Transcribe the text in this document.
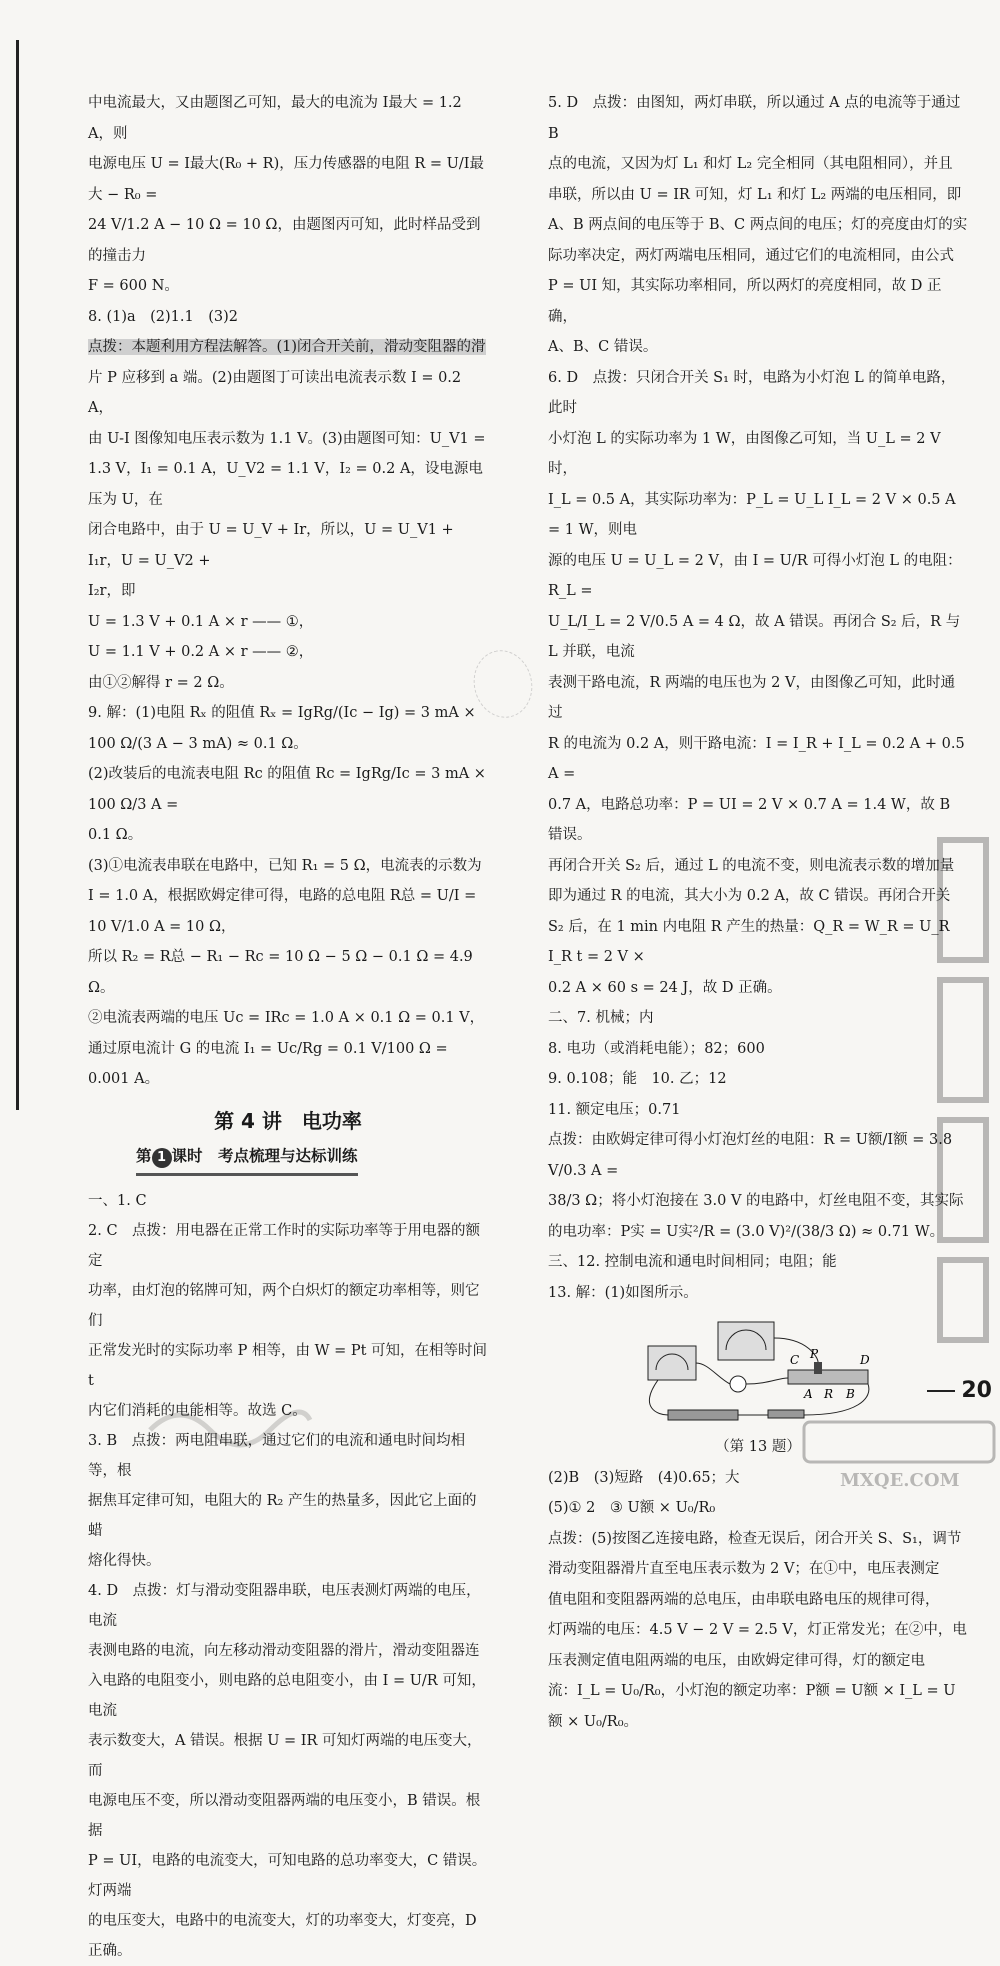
中电流最大，又由题图乙可知，最大的电流为 I最大 = 1.2 A，则

电源电压 U = I最大(R₀ + R)，压力传感器的电阻 R = U/I最大 − R₀ =

24 V/1.2 A − 10 Ω = 10 Ω，由题图丙可知，此时样品受到的撞击力

F = 600 N。

8. (1)a　(2)1.1　(3)2

点拨：本题利用方程法解答。(1)闭合开关前，滑动变阻器的滑

片 P 应移到 a 端。(2)由题图丁可读出电流表示数 I = 0.2 A，

由 U-I 图像知电压表示数为 1.1 V。(3)由题图可知：U_V1 =

1.3 V，I₁ = 0.1 A，U_V2 = 1.1 V，I₂ = 0.2 A，设电源电压为 U，在

闭合电路中，由于 U = U_V + Ir，所以，U = U_V1 + I₁r，U = U_V2 +

I₂r，即

U = 1.3 V + 0.1 A × r —— ①，

U = 1.1 V + 0.2 A × r —— ②，

由①②解得 r = 2 Ω。

9. 解：(1)电阻 Rₓ 的阻值 Rₓ = IgRg/(Ic − Ig) = 3 mA × 100 Ω/(3 A − 3 mA) ≈ 0.1 Ω。

(2)改装后的电流表电阻 Rc 的阻值 Rc = IgRg/Ic = 3 mA × 100 Ω/3 A =

0.1 Ω。

(3)①电流表串联在电路中，已知 R₁ = 5 Ω，电流表的示数为

I = 1.0 A，根据欧姆定律可得，电路的总电阻 R总 = U/I =

10 V/1.0 A = 10 Ω，

所以 R₂ = R总 − R₁ − Rc = 10 Ω − 5 Ω − 0.1 Ω = 4.9 Ω。

②电流表两端的电压 Uc = IRc = 1.0 A × 0.1 Ω = 0.1 V，

通过原电流计 G 的电流 I₁ = Uc/Rg = 0.1 V/100 Ω = 0.001 A。

第 4 讲　电功率
第 1 课时　考点梳理与达标训练

一、1. C

2. C　点拨：用电器在正常工作时的实际功率等于用电器的额定

功率，由灯泡的铭牌可知，两个白炽灯的额定功率相等，则它们

正常发光时的实际功率 P 相等，由 W = Pt 可知，在相等时间 t

内它们消耗的电能相等。故选 C。

3. B　点拨：两电阻串联，通过它们的电流和通电时间均相等，根

据焦耳定律可知，电阻大的 R₂ 产生的热量多，因此它上面的蜡

熔化得快。

4. D　点拨：灯与滑动变阻器串联，电压表测灯两端的电压，电流

表测电路的电流，向左移动滑动变阻器的滑片，滑动变阻器连

入电路的电阻变小，则电路的总电阻变小，由 I = U/R 可知，电流

表示数变大，A 错误。根据 U = IR 可知灯两端的电压变大，而

电源电压不变，所以滑动变阻器两端的电压变小，B 错误。根据

P = UI，电路的电流变大，可知电路的总功率变大，C 错误。灯两端

的电压变大，电路中的电流变大，灯的功率变大，灯变亮，D 正确。

5. D　点拨：由图知，两灯串联，所以通过 A 点的电流等于通过 B

点的电流，又因为灯 L₁ 和灯 L₂ 完全相同（其电阻相同），并且

串联，所以由 U = IR 可知，灯 L₁ 和灯 L₂ 两端的电压相同，即

A、B 两点间的电压等于 B、C 两点间的电压；灯的亮度由灯的实

际功率决定，两灯两端电压相同，通过它们的电流相同，由公式

P = UI 知，其实际功率相同，所以两灯的亮度相同，故 D 正确，

A、B、C 错误。

6. D　点拨：只闭合开关 S₁ 时，电路为小灯泡 L 的简单电路，此时

小灯泡 L 的实际功率为 1 W，由图像乙可知，当 U_L = 2 V 时，

I_L = 0.5 A，其实际功率为：P_L = U_L I_L = 2 V × 0.5 A = 1 W，则电

源的电压 U = U_L = 2 V，由 I = U/R 可得小灯泡 L 的电阻：R_L =

U_L/I_L = 2 V/0.5 A = 4 Ω，故 A 错误。再闭合 S₂ 后，R 与 L 并联，电流

表测干路电流，R 两端的电压也为 2 V，由图像乙可知，此时通过

R 的电流为 0.2 A，则干路电流：I = I_R + I_L = 0.2 A + 0.5 A =

0.7 A，电路总功率：P = UI = 2 V × 0.7 A = 1.4 W，故 B 错误。

再闭合开关 S₂ 后，通过 L 的电流不变，则电流表示数的增加量

即为通过 R 的电流，其大小为 0.2 A，故 C 错误。再闭合开关

S₂ 后，在 1 min 内电阻 R 产生的热量：Q_R = W_R = U_R I_R t = 2 V ×

0.2 A × 60 s = 24 J，故 D 正确。

二、7. 机械；内

8. 电功（或消耗电能）；82；600

9. 0.108；能　10. 乙；12

11. 额定电压；0.71

点拨：由欧姆定律可得小灯泡灯丝的电阻：R = U额/I额 = 3.8 V/0.3 A =

38/3 Ω；将小灯泡接在 3.0 V 的电路中，灯丝电阻不变，其实际

的电功率：P实 = U实²/R = (3.0 V)²/(38/3 Ω) ≈ 0.71 W。

三、12. 控制电流和通电时间相同；电阻；能

13. 解：(1)如图所示。

C P	D
A R B

（第 13 题）

(2)B　(3)短路　(4)0.65；大

(5)① 2　③ U额 × U₀/R₀

点拨：(5)按图乙连接电路，检查无误后，闭合开关 S、S₁，调节

滑动变阻器滑片直至电压表示数为 2 V；在①中，电压表测定

值电阻和变阻器两端的总电压，由串联电路电压的规律可得，

灯两端的电压：4.5 V − 2 V = 2.5 V，灯正常发光；在②中，电

压表测定值电阻两端的电压，由欧姆定律可得，灯的额定电

流：I_L = U₀/R₀，小灯泡的额定功率：P额 = U额 × I_L = U额 × U₀/R₀。

MXQE.COM
20
